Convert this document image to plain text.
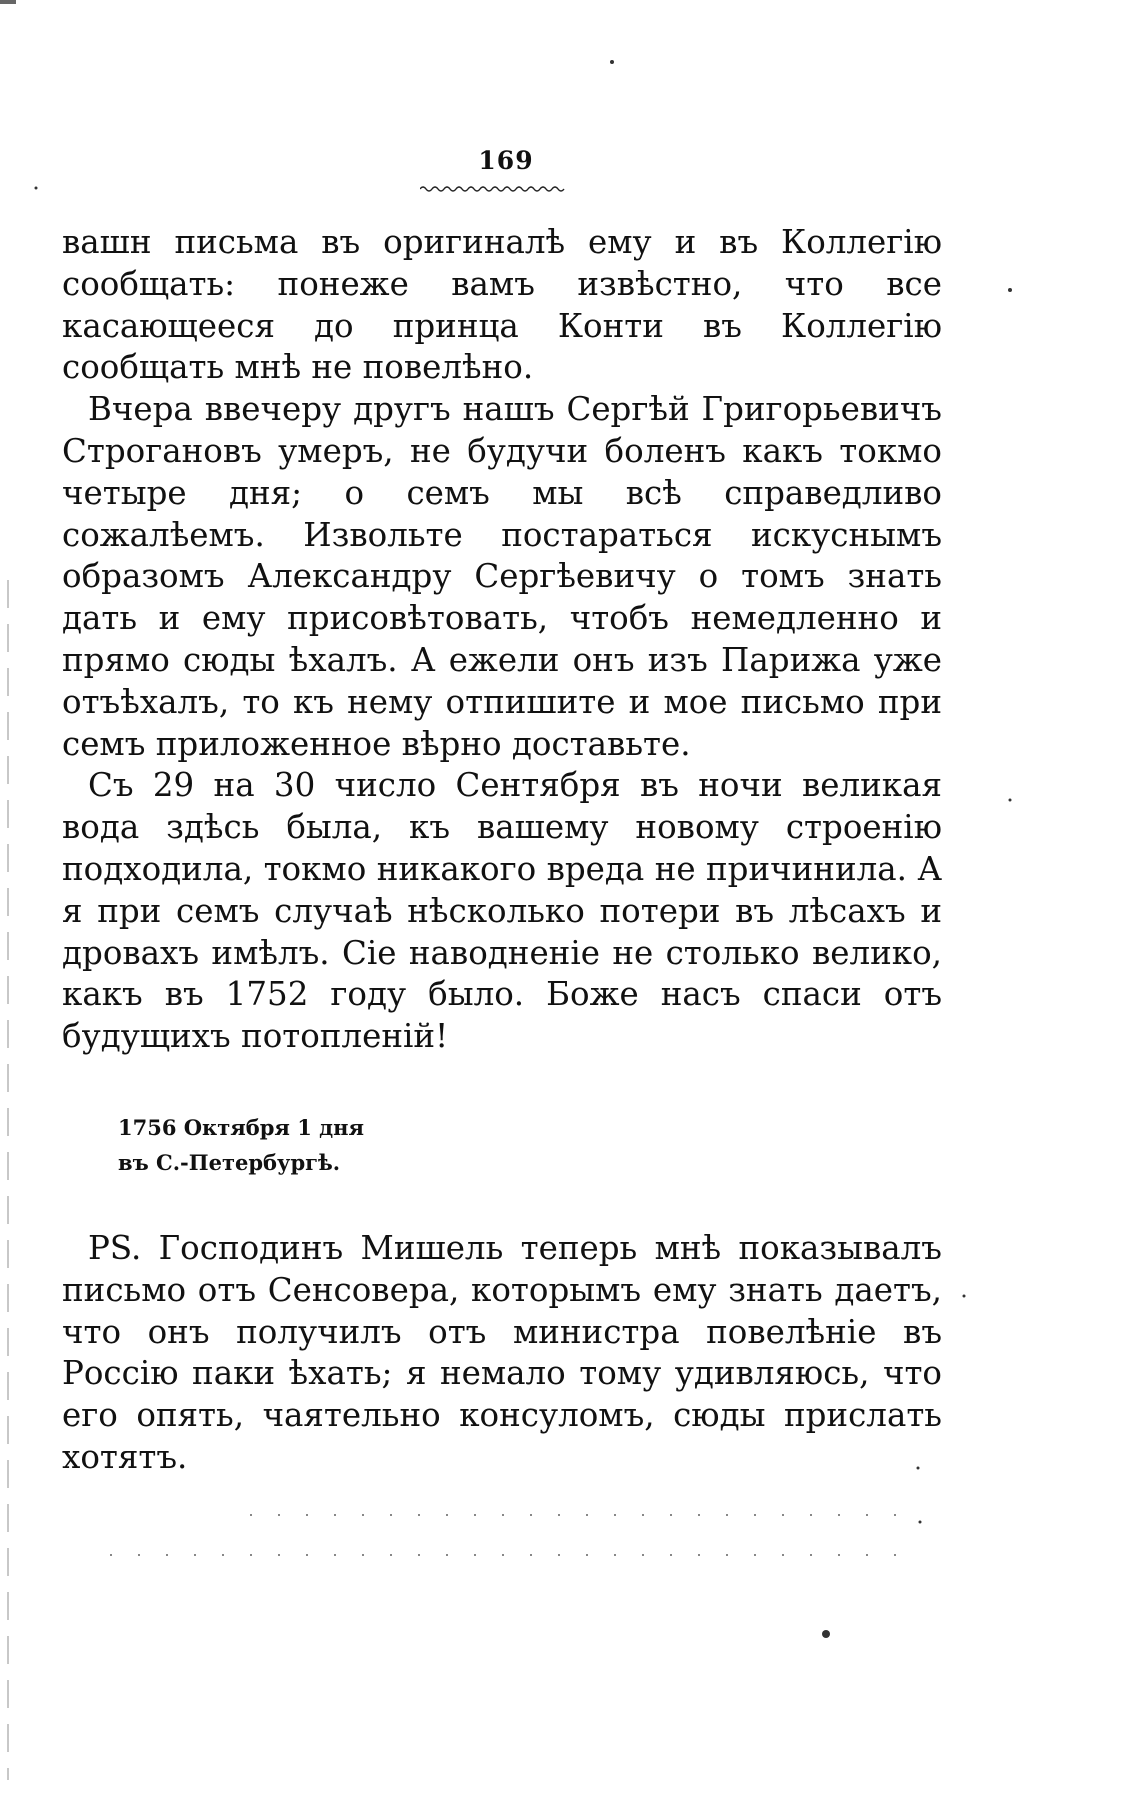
169

вашн письма въ оригиналѣ ему и въ Коллегію сообщать: понеже вамъ извѣстно, что все касающееся до принца Конти въ Коллегію сообщать мнѣ не повелѣно.

Вчера ввечеру другъ нашъ Сергѣй Григорьевичъ Строгановъ умеръ, не будучи боленъ какъ токмо четыре дня; о семъ мы всѣ справедливо сожалѣемъ. Извольте постараться искуснымъ образомъ Александру Сергѣевичу о томъ знать дать и ему присовѣтовать, чтобъ немедленно и прямо сюды ѣхалъ. А ежели онъ изъ Парижа уже отъѣхалъ, то къ нему отпишите и мое письмо при семъ приложенное вѣрно доставьте.

Съ 29 на 30 число Сентября въ ночи великая вода здѣсь была, къ вашему новому строенію подходила, токмо никакого вреда не причинила. А я при семъ случаѣ нѣсколько потери въ лѣсахъ и дровахъ имѣлъ. Сіе наводненіе не столько велико, какъ въ 1752 году было. Боже насъ спаси отъ будущихъ потопленій!

1756 Октября 1 дня
въ С.-Петербургѣ.

PS. Господинъ Мишель теперь мнѣ показывалъ письмо отъ Сенсовера, которымъ ему знать даетъ, что онъ получилъ отъ министра повелѣніе въ Россію паки ѣхать; я немало тому удивляюсь, что его опять, чаятельно консуломъ, сюды прислать хотятъ.
